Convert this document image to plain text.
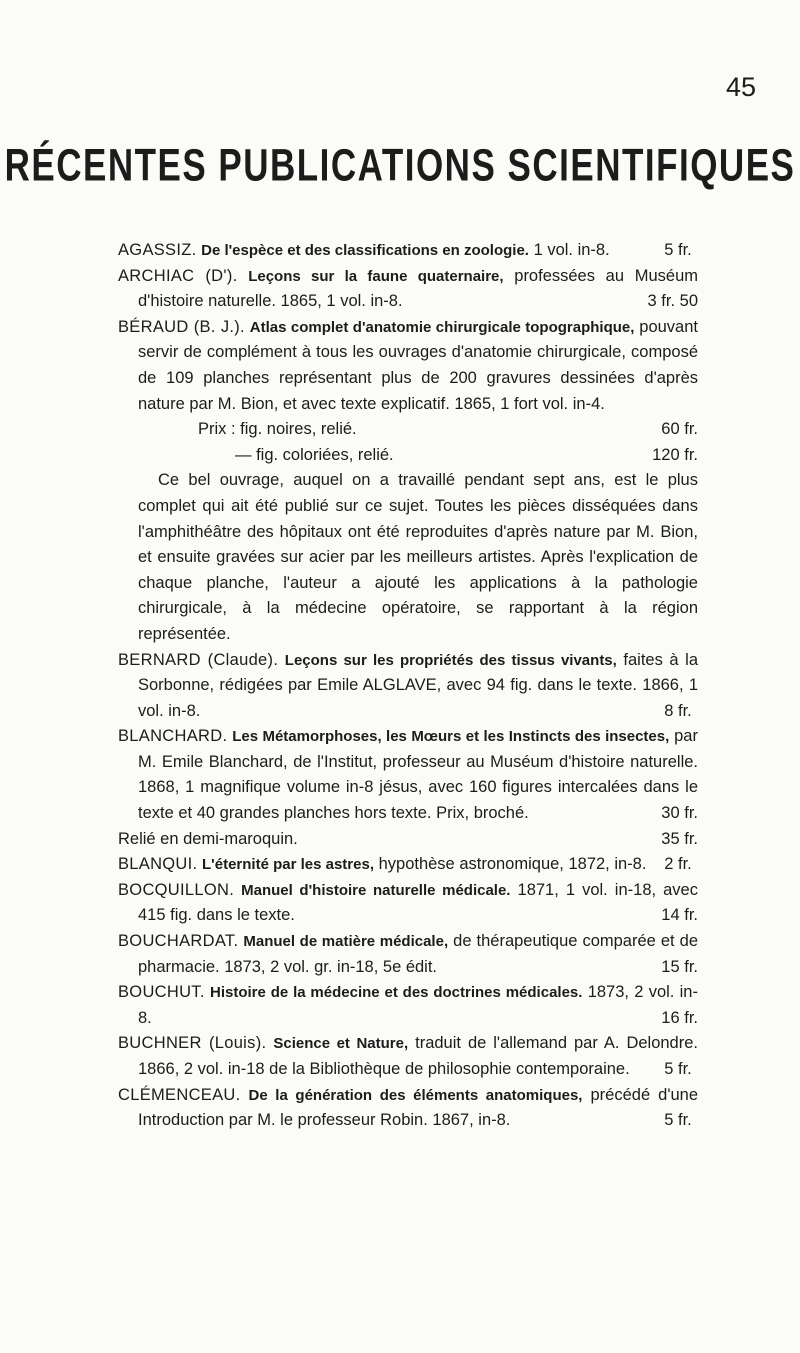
45
RÉCENTES PUBLICATIONS SCIENTIFIQUES
AGASSIZ. De l'espèce et des classifications en zoologie. 1 vol. in-8.	5 fr.
ARCHIAC (D'). Leçons sur la faune quaternaire, professées au Muséum d'histoire naturelle. 1865, 1 vol. in-8.	3 fr. 50
BÉRAUD (B. J.). Atlas complet d'anatomie chirurgicale topographique, pouvant servir de complément à tous les ouvrages d'anatomie chirurgicale, composé de 109 planches représentant plus de 200 gravures dessinées d'après nature par M. Bion, et avec texte explicatif. 1865, 1 fort vol. in-4.
Prix : fig. noires, relié.	60 fr.
— fig. coloriées, relié.	120 fr.
Ce bel ouvrage, auquel on a travaillé pendant sept ans, est le plus complet qui ait été publié sur ce sujet. Toutes les pièces disséquées dans l'amphithéâtre des hôpitaux ont été reproduites d'après nature par M. Bion, et ensuite gravées sur acier par les meilleurs artistes. Après l'explication de chaque planche, l'auteur a ajouté les applications à la pathologie chirurgicale, à la médecine opératoire, se rapportant à la région représentée.
BERNARD (Claude). Leçons sur les propriétés des tissus vivants, faites à la Sorbonne, rédigées par Emile ALGLAVE, avec 94 fig. dans le texte. 1866, 1 vol. in-8.	8 fr.
BLANCHARD. Les Métamorphoses, les Mœurs et les Instincts des insectes, par M. Emile Blanchard, de l'Institut, professeur au Muséum d'histoire naturelle. 1868, 1 magnifique volume in-8 jésus, avec 160 figures intercalées dans le texte et 40 grandes planches hors texte. Prix, broché.	30 fr.
Relié en demi-maroquin.	35 fr.
BLANQUI. L'éternité par les astres, hypothèse astronomique, 1872, in-8. 2 fr.
BOCQUILLON. Manuel d'histoire naturelle médicale. 1871, 1 vol. in-18, avec 415 fig. dans le texte.	14 fr.
BOUCHARDAT. Manuel de matière médicale, de thérapeutique comparée et de pharmacie. 1873, 2 vol. gr. in-18, 5e édit.	15 fr.
BOUCHUT. Histoire de la médecine et des doctrines médicales. 1873, 2 vol. in-8.	16 fr.
BUCHNER (Louis). Science et Nature, traduit de l'allemand par A. Delondre. 1866, 2 vol. in-18 de la Bibliothèque de philosophie contemporaine. 5 fr.
CLÉMENCEAU. De la génération des éléments anatomiques, précédé d'une Introduction par M. le professeur Robin. 1867, in-8.	5 fr.
